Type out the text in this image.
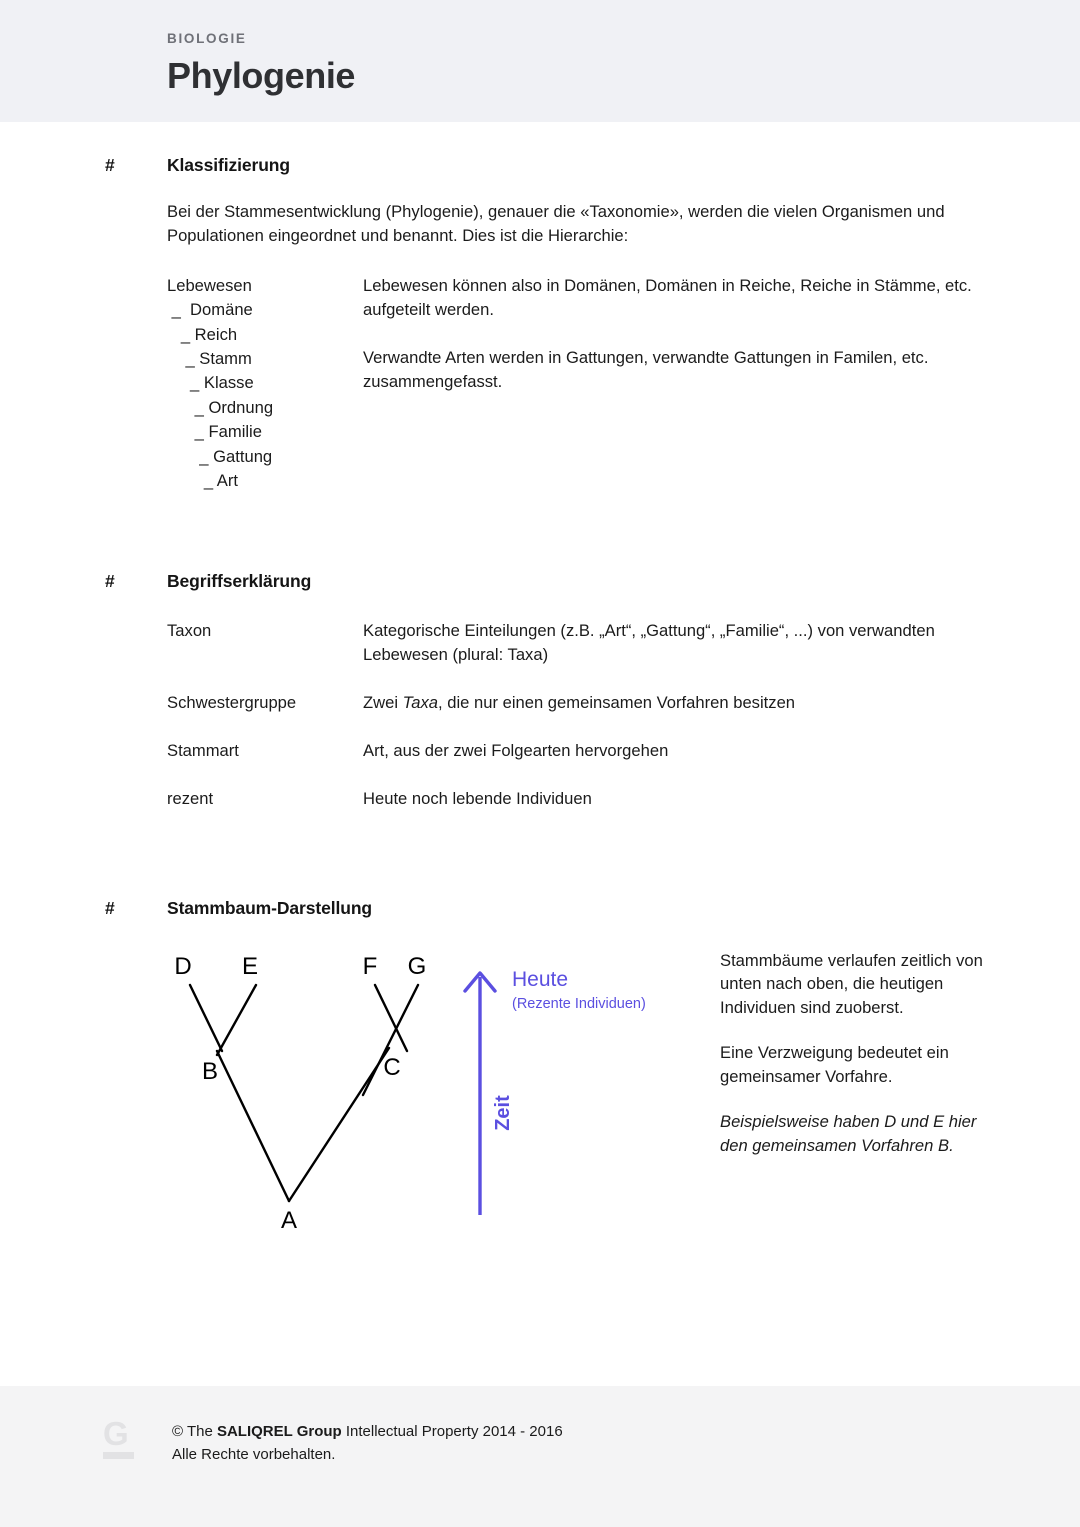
BIOLOGIE
Phylogenie
#	Klassifizierung
Bei der Stammesentwicklung (Phylogenie), genauer die «Taxonomie», werden die vielen Organismen und Populationen eingeordnet und benannt. Dies ist die Hierarchie:
Lebewesen
_  Domäne
_ Reich
_ Stamm
_ Klasse
_ Ordnung
_ Familie
_ Gattung
_ Art
Lebewesen können also in Domänen, Domänen in Reiche, Reiche in Stämme, etc. aufgeteilt werden.
Verwandte Arten werden in Gattungen, verwandte Gattungen in Familen, etc. zusammengefasst.
#	Begriffserklärung
Taxon	Kategorische Einteilungen (z.B. „Art“, „Gattung“, „Familie“, ...) von verwandten Lebewesen (plural: Taxa)
Schwestergruppe	Zwei Taxa, die nur einen gemeinsamen Vorfahren besitzen
Stammart	Art, aus der zwei Folgearten hervorgehen
rezent	Heute noch lebende Individuen
#	Stammbaum-Darstellung
D E	F G
B	C
A
Heute
(Rezente Individuen)
Zeit

Stammbäume verlaufen zeitlich von unten nach oben, die heutigen Individuen sind zuoberst.

Eine Verzweigung bedeutet ein gemeinsamer Vorfahre.

Beispielsweise haben D und E hier den gemeinsamen Vorfahren B.

G	© The SALIQREL Group Intellectual Property 2014 - 2016
Alle Rechte vorbehalten.
